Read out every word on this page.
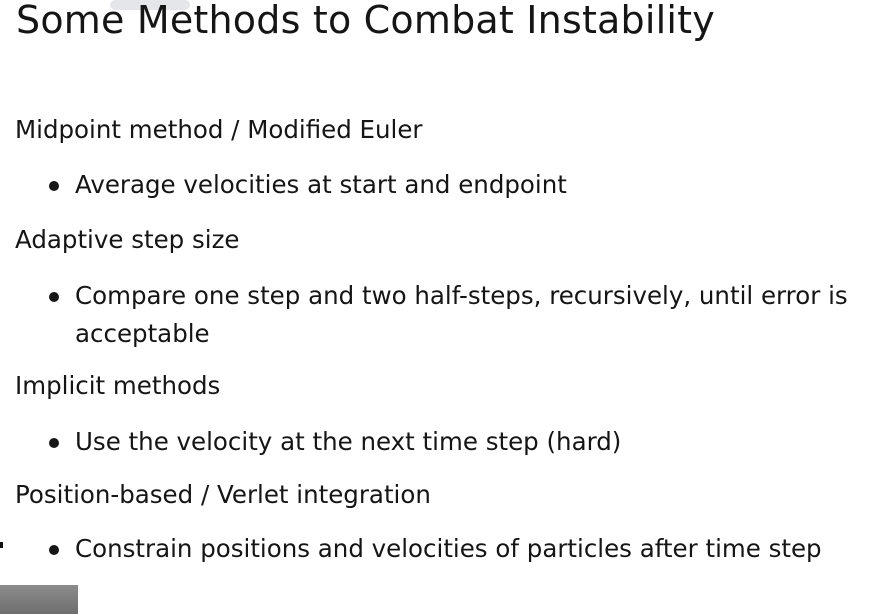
Some Methods to Combat Instability
Midpoint method / Modified Euler
Average velocities at start and endpoint
Adaptive step size
Compare one step and two half-steps, recursively, until error is acceptable
Implicit methods
Use the velocity at the next time step (hard)
Position-based / Verlet integration
Constrain positions and velocities of particles after time step
